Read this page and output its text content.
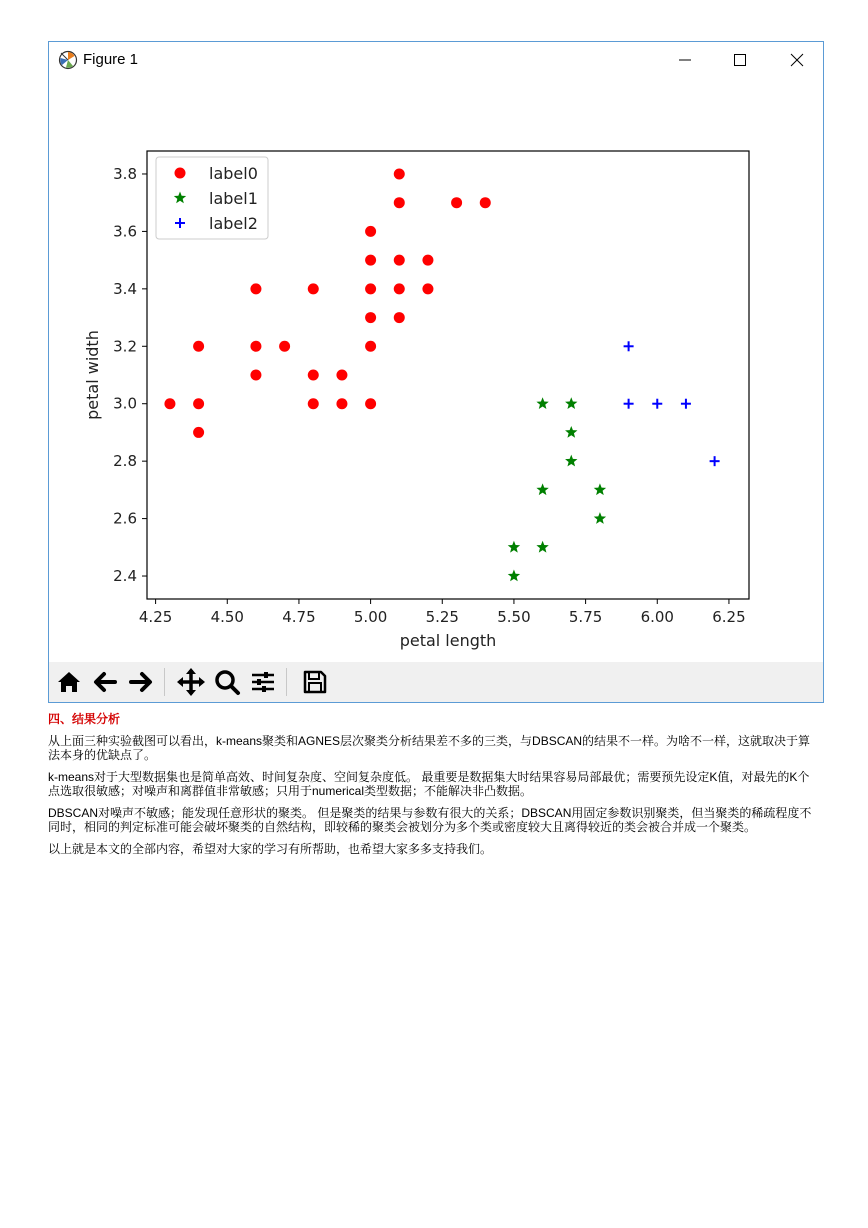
Figure 1
4.25	4.50	4.75	5.00	5.25	5.50	5.75	6.00	6.25
2.4
2.6
2.8
3.0
3.2
3.4
3.6
3.8
petal length
petal width
label0
label1
label2

四、结果分析

从上面三种实验截图可以看出，k-means聚类和AGNES层次聚类分析结果差不多的三类，与DBSCAN的结果不一样。为啥不一样，这就取决于算法本身的优缺点了。

k-means对于大型数据集也是简单高效、时间复杂度、空间复杂度低。 最重要是数据集大时结果容易局部最优；需要预先设定K值，对最先的K个点选取很敏感；对噪声和离群值非常敏感；只用于numerical类型数据；不能解决非凸数据。

DBSCAN对噪声不敏感；能发现任意形状的聚类。 但是聚类的结果与参数有很大的关系；DBSCAN用固定参数识别聚类，但当聚类的稀疏程度不同时，相同的判定标准可能会破坏聚类的自然结构，即较稀的聚类会被划分为多个类或密度较大且离得较近的类会被合并成一个聚类。

以上就是本文的全部内容，希望对大家的学习有所帮助，也希望大家多多支持我们。
